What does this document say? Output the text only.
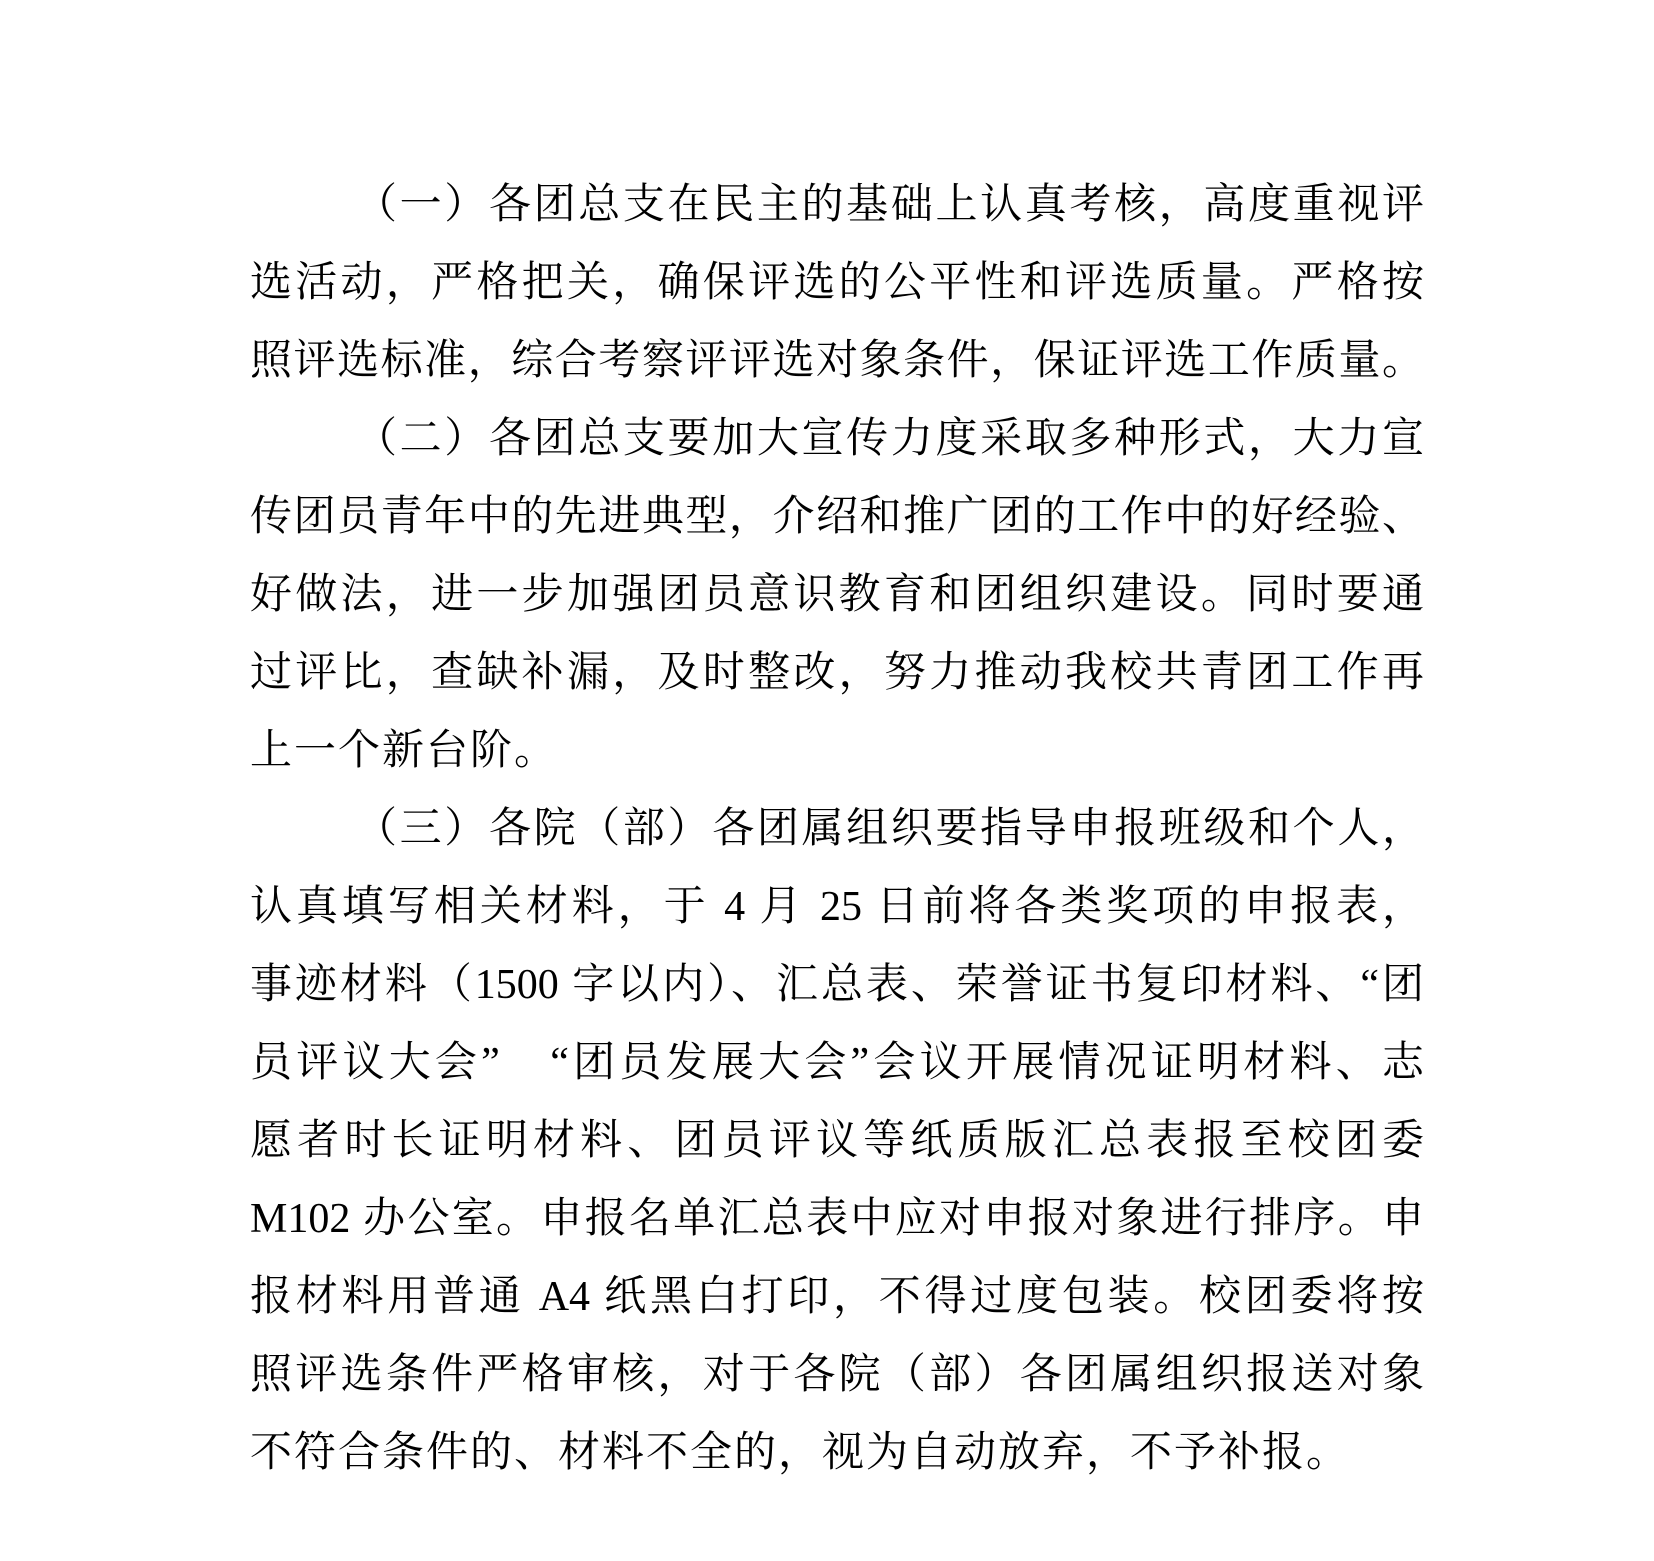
（一）各团总支在民主的基础上认真考核，高度重视评
选活动，严格把关，确保评选的公平性和评选质量。严格按
照评选标准，综合考察评评选对象条件，保证评选工作质量。
（二）各团总支要加大宣传力度采取多种形式，大力宣
传团员青年中的先进典型，介绍和推广团的工作中的好经验、
好做法，进一步加强团员意识教育和团组织建设。同时要通
过评比，查缺补漏，及时整改，努力推动我校共青团工作再
上一个新台阶。
（三）各院（部）各团属组织要指导申报班级和个人，
认真填写相关材料，于 4 月 25 日前将各类奖项的申报表，
事迹材料（1500 字以内）、汇总表、荣誉证书复印材料、“团
员评议大会”　“团员发展大会”会议开展情况证明材料、志
愿者时长证明材料、团员评议等纸质版汇总表报至校团委
M102 办公室。申报名单汇总表中应对申报对象进行排序。申
报材料用普通 A4 纸黑白打印，不得过度包装。校团委将按
照评选条件严格审核，对于各院（部）各团属组织报送对象
不符合条件的、材料不全的，视为自动放弃，不予补报。
